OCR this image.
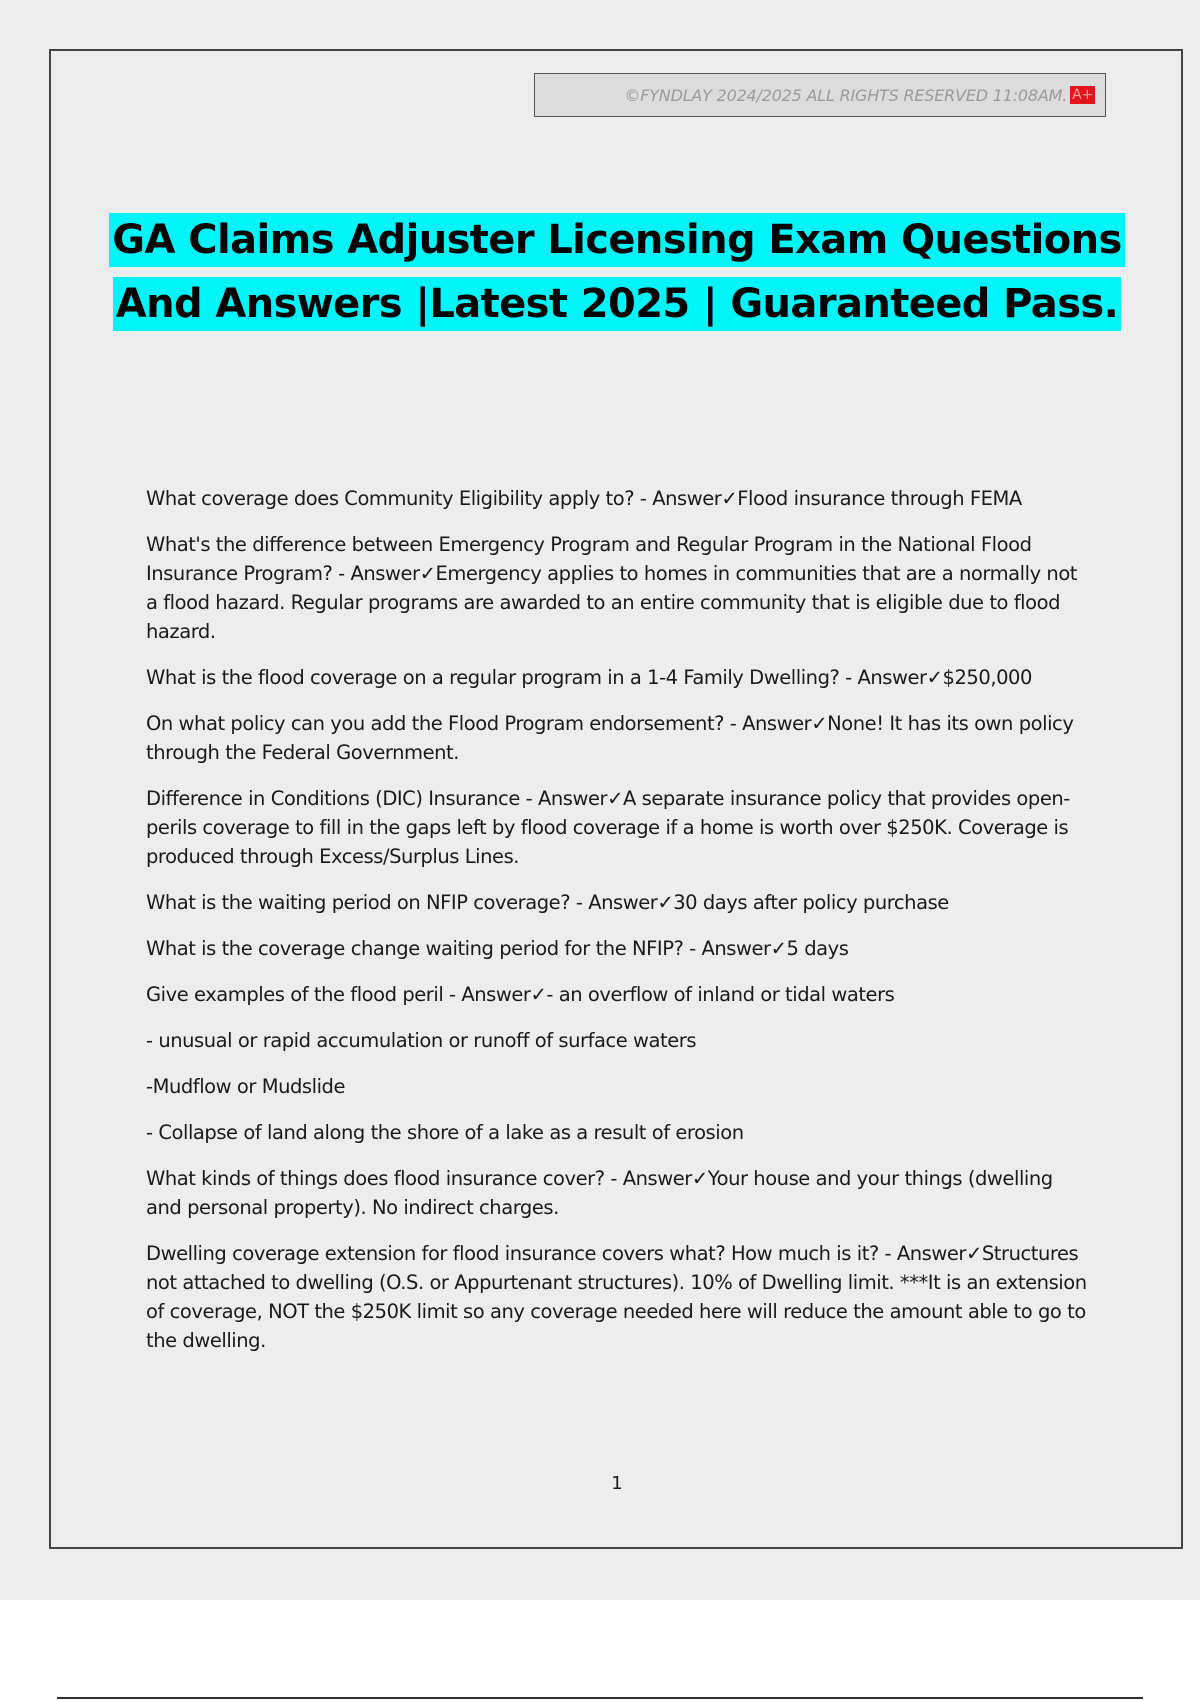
©FYNDLAY 2024/2025 ALL RIGHTS RESERVED 11:08AM. A+
GA Claims Adjuster Licensing Exam Questions
And Answers |Latest 2025 | Guaranteed Pass.

What coverage does Community Eligibility apply to? - Answer✓Flood insurance through FEMA

What's the difference between Emergency Program and Regular Program in the National Flood Insurance Program? - Answer✓Emergency applies to homes in communities that are a normally not a flood hazard. Regular programs are awarded to an entire community that is eligible due to flood hazard.

What is the flood coverage on a regular program in a 1-4 Family Dwelling? - Answer✓$250,000

On what policy can you add the Flood Program endorsement? - Answer✓None! It has its own policy through the Federal Government.

Difference in Conditions (DIC) Insurance - Answer✓A separate insurance policy that provides open-perils coverage to fill in the gaps left by flood coverage if a home is worth over $250K. Coverage is produced through Excess/Surplus Lines.

What is the waiting period on NFIP coverage? - Answer✓30 days after policy purchase

What is the coverage change waiting period for the NFIP? - Answer✓5 days

Give examples of the flood peril - Answer✓- an overflow of inland or tidal waters

- unusual or rapid accumulation or runoff of surface waters

-Mudflow or Mudslide

- Collapse of land along the shore of a lake as a result of erosion

What kinds of things does flood insurance cover? - Answer✓Your house and your things (dwelling and personal property). No indirect charges.

Dwelling coverage extension for flood insurance covers what? How much is it? - Answer✓Structures not attached to dwelling (O.S. or Appurtenant structures). 10% of Dwelling limit. ***It is an extension of coverage, NOT the $250K limit so any coverage needed here will reduce the amount able to go to the dwelling.

1
